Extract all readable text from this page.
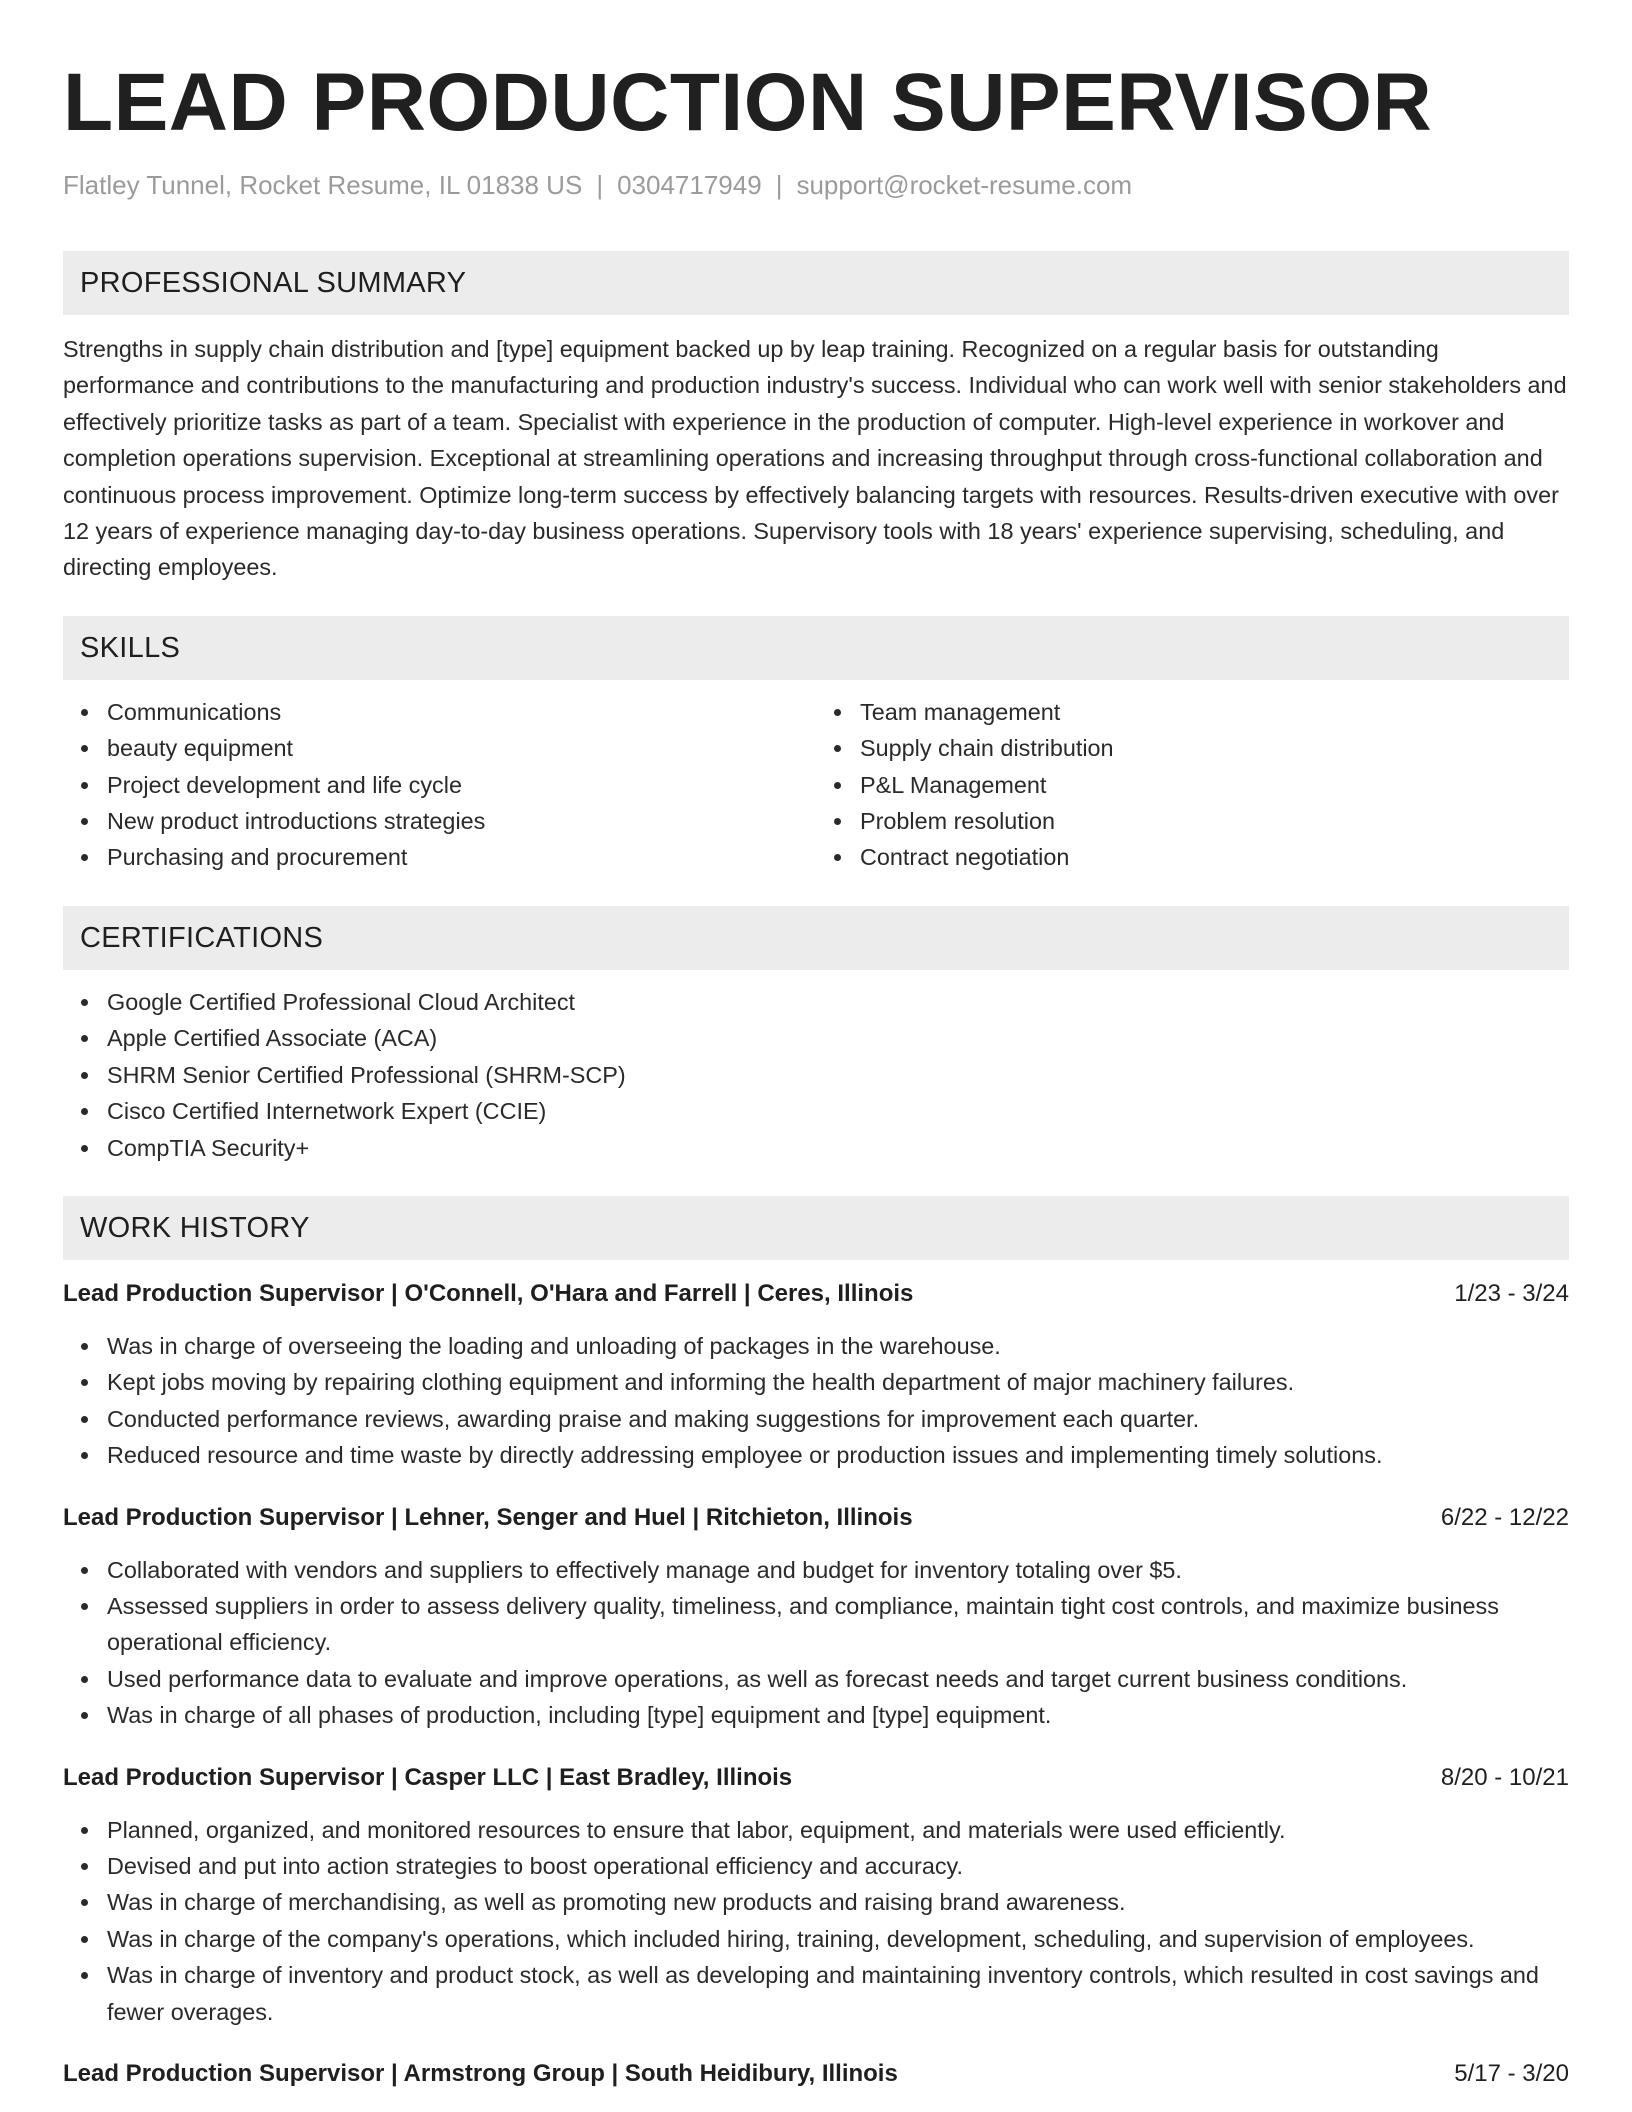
LEAD PRODUCTION SUPERVISOR
Flatley Tunnel, Rocket Resume, IL 01838 US | 0304717949 | support@rocket-resume.com
PROFESSIONAL SUMMARY

Strengths in supply chain distribution and [type] equipment backed up by leap training. Recognized on a regular basis for outstanding performance and contributions to the manufacturing and production industry's success. Individual who can work well with senior stakeholders and effectively prioritize tasks as part of a team. Specialist with experience in the production of computer. High-level experience in workover and completion operations supervision. Exceptional at streamlining operations and increasing throughput through cross-functional collaboration and continuous process improvement. Optimize long-term success by effectively balancing targets with resources. Results-driven executive with over 12 years of experience managing day-to-day business operations. Supervisory tools with 18 years' experience supervising, scheduling, and directing employees.

SKILLS
Communications
beauty equipment
Project development and life cycle
New product introductions strategies
Purchasing and procurement
Team management
Supply chain distribution
P&L Management
Problem resolution
Contract negotiation
CERTIFICATIONS
Google Certified Professional Cloud Architect
Apple Certified Associate (ACA)
SHRM Senior Certified Professional (SHRM-SCP)
Cisco Certified Internetwork Expert (CCIE)
CompTIA Security+
WORK HISTORY
Lead Production Supervisor | O'Connell, O'Hara and Farrell | Ceres, Illinois	1/23 - 3/24
Was in charge of overseeing the loading and unloading of packages in the warehouse.
Kept jobs moving by repairing clothing equipment and informing the health department of major machinery failures.
Conducted performance reviews, awarding praise and making suggestions for improvement each quarter.
Reduced resource and time waste by directly addressing employee or production issues and implementing timely solutions.
Lead Production Supervisor | Lehner, Senger and Huel | Ritchieton, Illinois	6/22 - 12/22
Collaborated with vendors and suppliers to effectively manage and budget for inventory totaling over $5.
Assessed suppliers in order to assess delivery quality, timeliness, and compliance, maintain tight cost controls, and maximize business operational efficiency.
Used performance data to evaluate and improve operations, as well as forecast needs and target current business conditions.
Was in charge of all phases of production, including [type] equipment and [type] equipment.
Lead Production Supervisor | Casper LLC | East Bradley, Illinois	8/20 - 10/21
Planned, organized, and monitored resources to ensure that labor, equipment, and materials were used efficiently.
Devised and put into action strategies to boost operational efficiency and accuracy.
Was in charge of merchandising, as well as promoting new products and raising brand awareness.
Was in charge of the company's operations, which included hiring, training, development, scheduling, and supervision of employees.
Was in charge of inventory and product stock, as well as developing and maintaining inventory controls, which resulted in cost savings and fewer overages.
Lead Production Supervisor | Armstrong Group | South Heidibury, Illinois	5/17 - 3/20
